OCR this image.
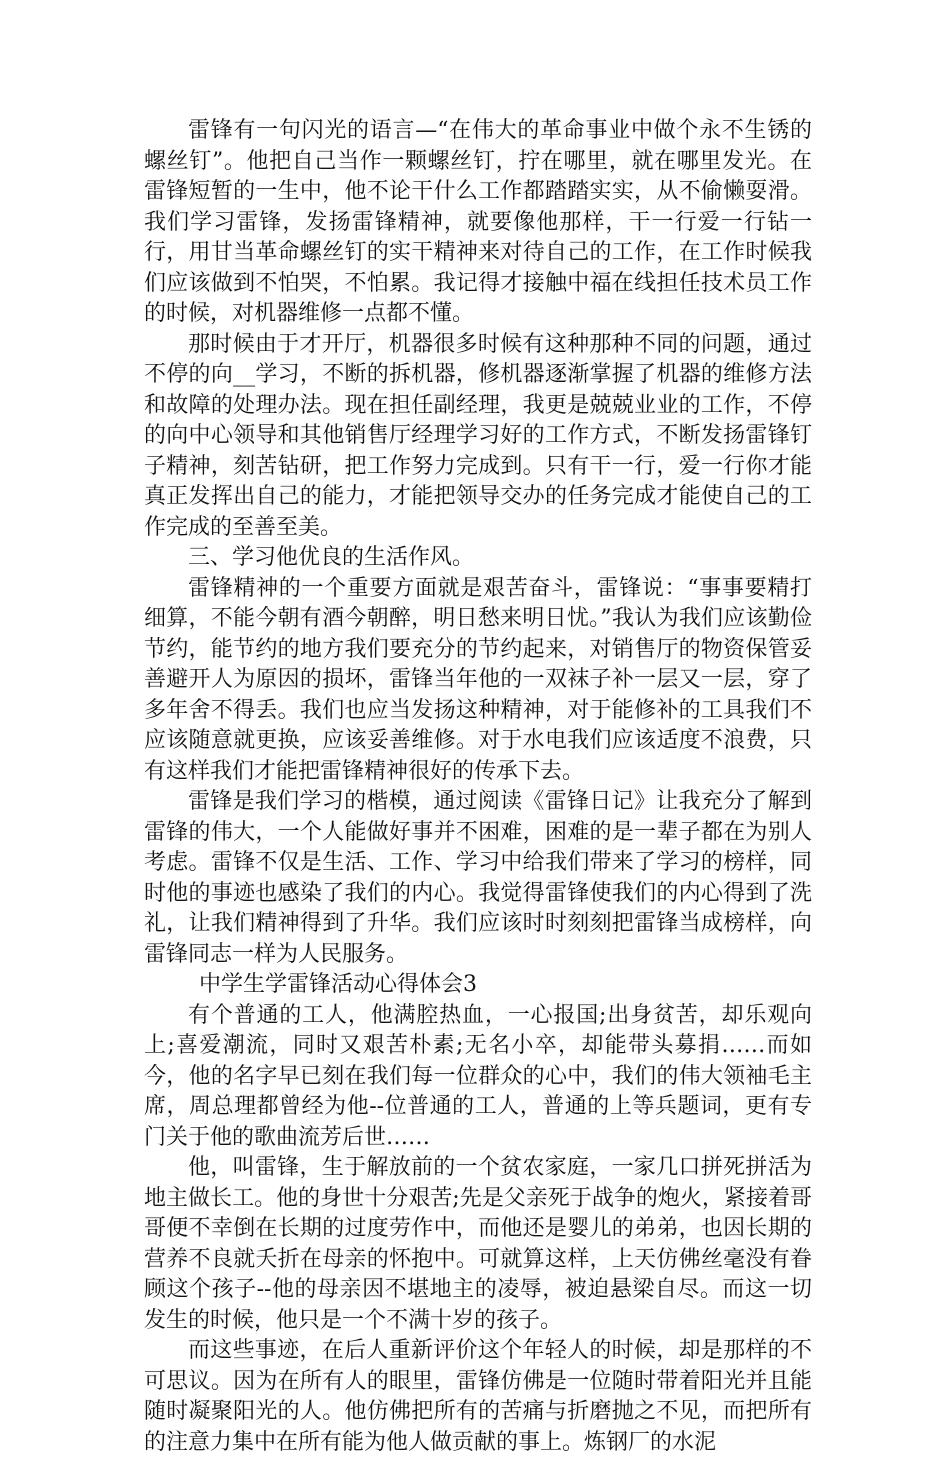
雷锋有一句闪光的语言—“在伟大的革命事业中做个永不生锈的螺丝钉”。他把自己当作一颗螺丝钉，拧在哪里，就在哪里发光。在雷锋短暂的一生中，他不论干什么工作都踏踏实实，从不偷懒耍滑。我们学习雷锋，发扬雷锋精神，就要像他那样，干一行爱一行钻一行，用甘当革命螺丝钉的实干精神来对待自己的工作，在工作时候我们应该做到不怕哭，不怕累。我记得才接触中福在线担任技术员工作的时候，对机器维修一点都不懂。

那时候由于才开厅，机器很多时候有这种那种不同的问题，通过不停的向__学习，不断的拆机器，修机器逐渐掌握了机器的维修方法和故障的处理办法。现在担任副经理，我更是兢兢业业的工作，不停的向中心领导和其他销售厅经理学习好的工作方式，不断发扬雷锋钉子精神，刻苦钻研，把工作努力完成到。只有干一行，爱一行你才能真正发挥出自己的能力，才能把领导交办的任务完成才能使自己的工作完成的至善至美。

三、学习他优良的生活作风。

雷锋精神的一个重要方面就是艰苦奋斗，雷锋说：“事事要精打细算，不能今朝有酒今朝醉，明日愁来明日忧。”我认为我们应该勤俭节约，能节约的地方我们要充分的节约起来，对销售厅的物资保管妥善避开人为原因的损坏，雷锋当年他的一双袜子补一层又一层，穿了多年舍不得丢。我们也应当发扬这种精神，对于能修补的工具我们不应该随意就更换，应该妥善维修。对于水电我们应该适度不浪费，只有这样我们才能把雷锋精神很好的传承下去。

雷锋是我们学习的楷模，通过阅读《雷锋日记》让我充分了解到雷锋的伟大，一个人能做好事并不困难，困难的是一辈子都在为别人考虑。雷锋不仅是生活、工作、学习中给我们带来了学习的榜样，同时他的事迹也感染了我们的内心。我觉得雷锋使我们的内心得到了洗礼，让我们精神得到了升华。我们应该时时刻刻把雷锋当成榜样，向雷锋同志一样为人民服务。

中学生学雷锋活动心得体会3

有个普通的工人，他满腔热血，一心报国;出身贫苦，却乐观向上;喜爱潮流，同时又艰苦朴素;无名小卒，却能带头募捐……而如今，他的名字早已刻在我们每一位群众的心中，我们的伟大领袖毛主席，周总理都曾经为他--位普通的工人，普通的上等兵题词，更有专门关于他的歌曲流芳后世……

他，叫雷锋，生于解放前的一个贫农家庭，一家几口拼死拼活为地主做长工。他的身世十分艰苦;先是父亲死于战争的炮火，紧接着哥哥便不幸倒在长期的过度劳作中，而他还是婴儿的弟弟，也因长期的营养不良就夭折在母亲的怀抱中。可就算这样，上天仿佛丝毫没有眷顾这个孩子--他的母亲因不堪地主的凌辱，被迫悬梁自尽。而这一切发生的时候，他只是一个不满十岁的孩子。

而这些事迹，在后人重新评价这个年轻人的时候，却是那样的不可思议。因为在所有人的眼里，雷锋仿佛是一位随时带着阳光并且能随时凝聚阳光的人。他仿佛把所有的苦痛与折磨抛之不见，而把所有的注意力集中在所有能为他人做贡献的事上。炼钢厂的水泥
